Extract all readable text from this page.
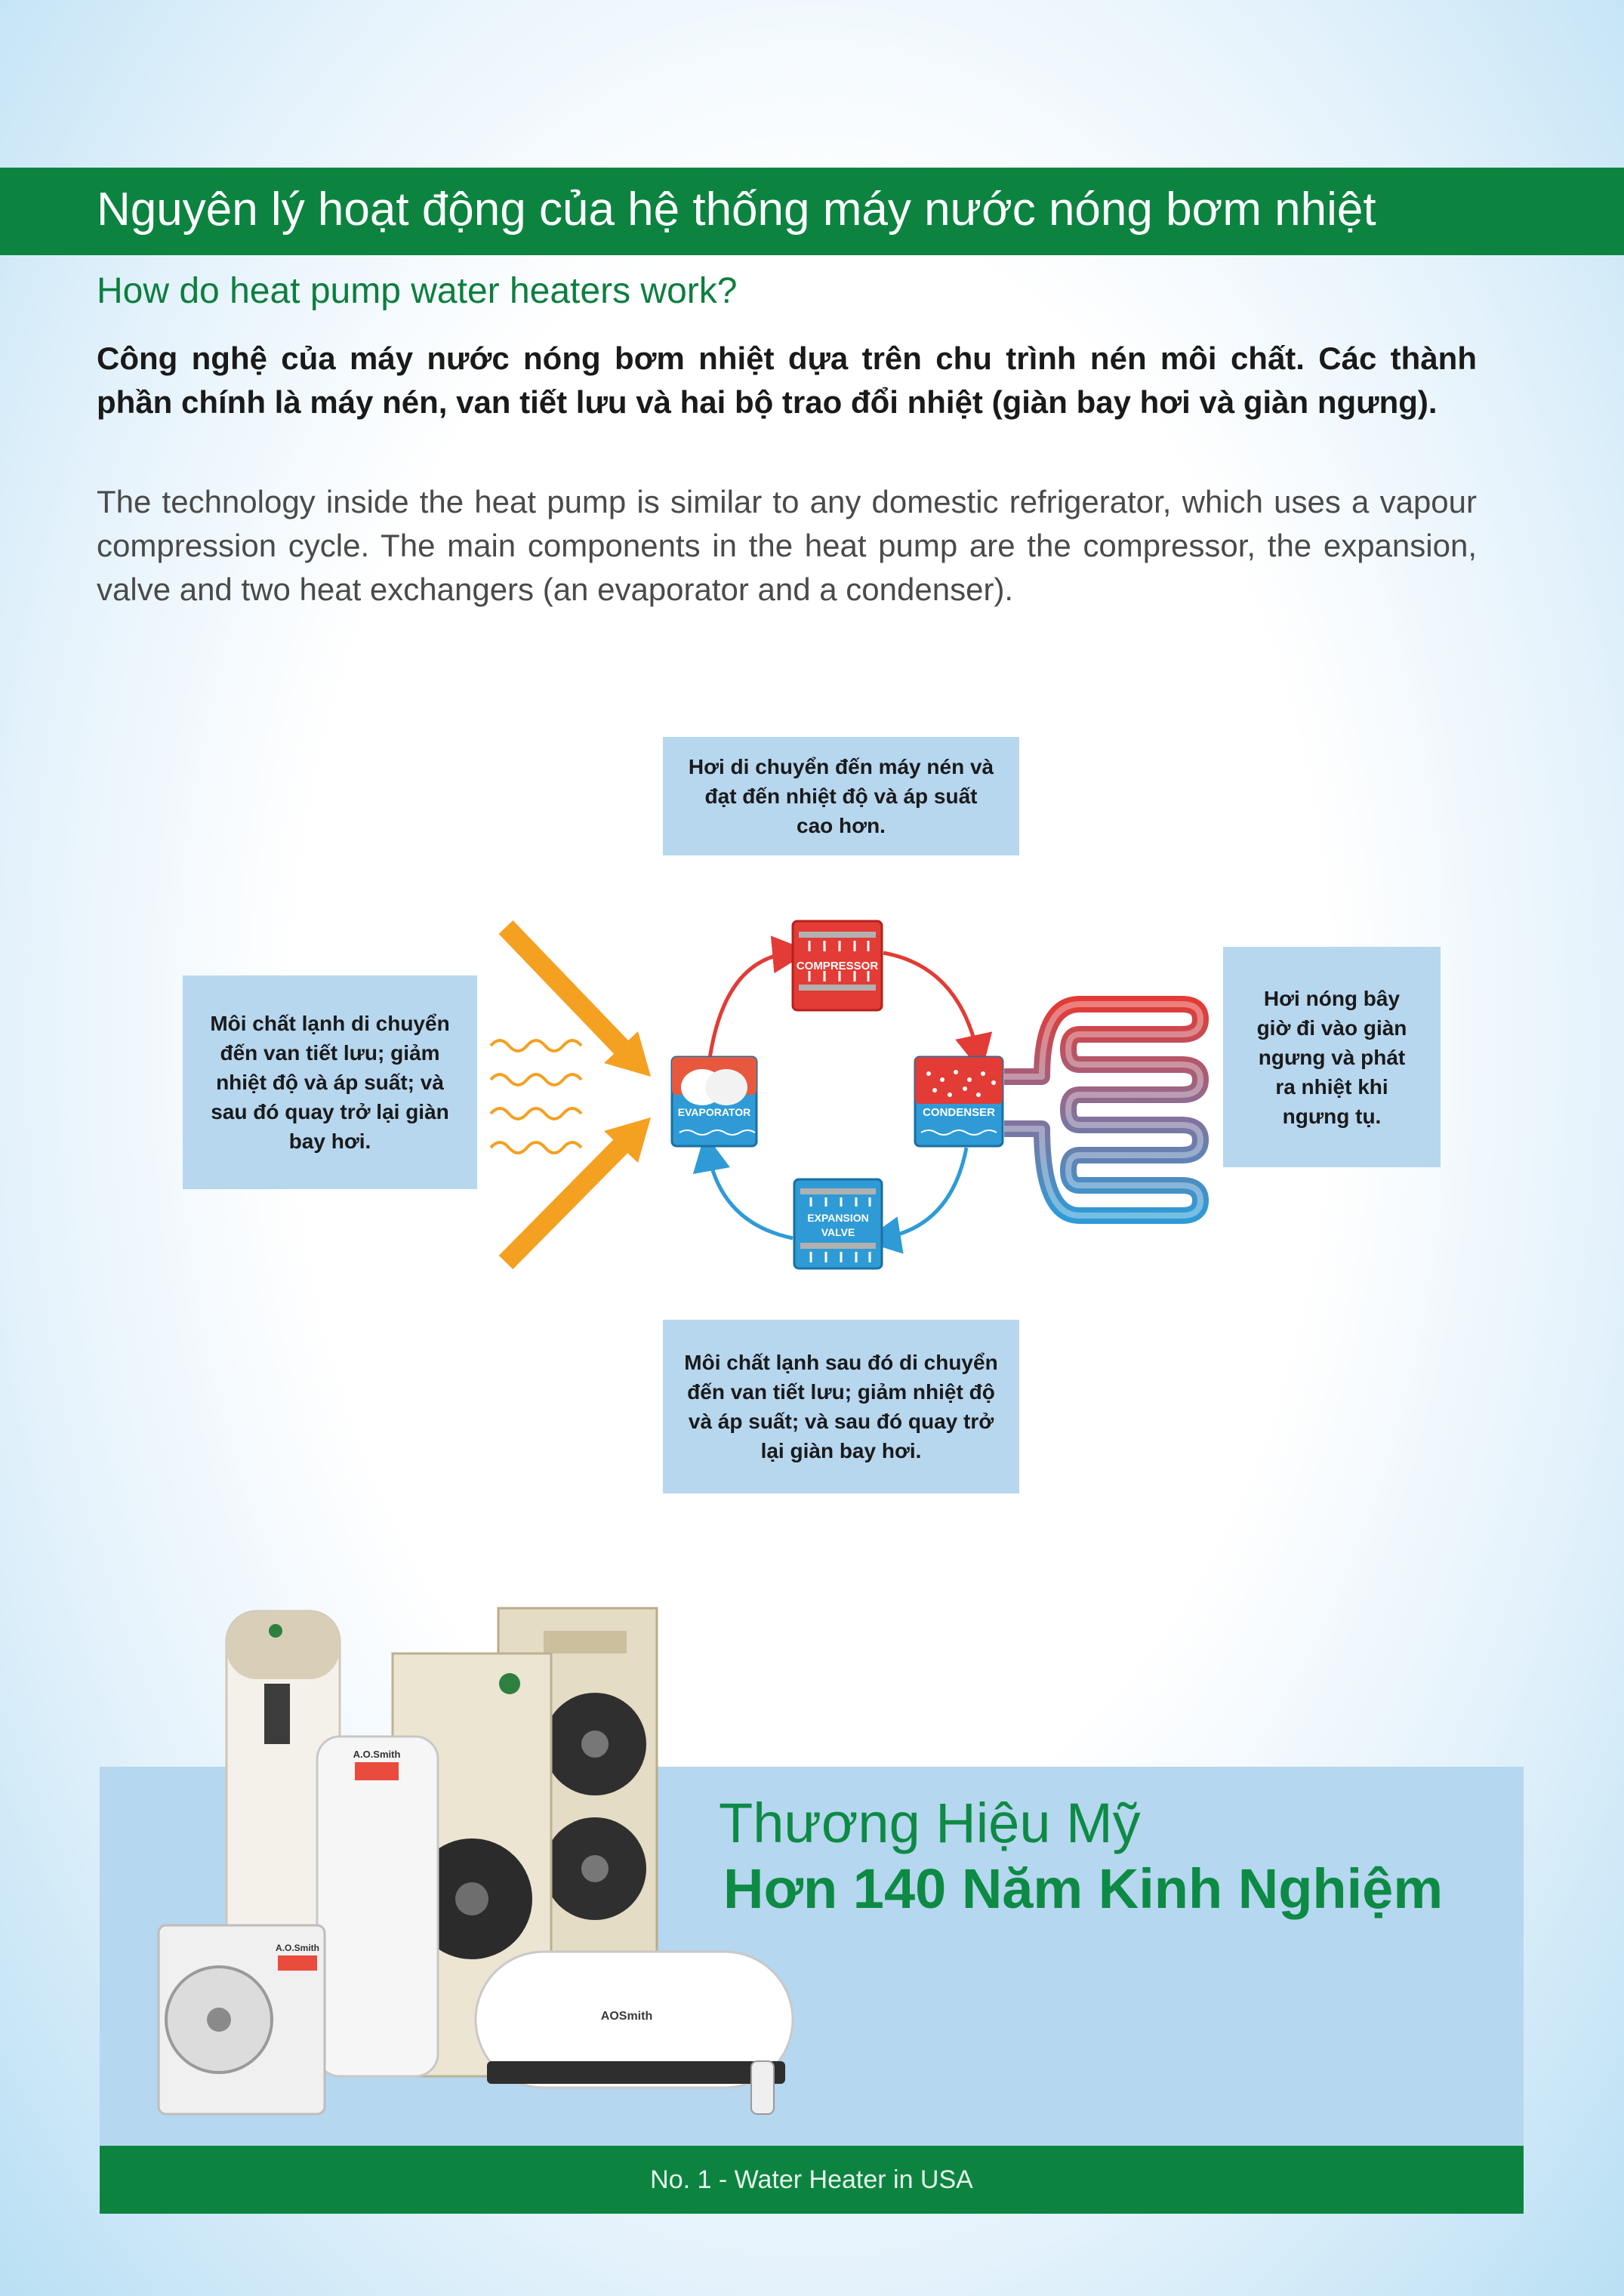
Nguyên lý hoạt động của hệ thống máy nước nóng bơm nhiệt
How do heat pump water heaters work?
Công nghệ của máy nước nóng bơm nhiệt dựa trên chu trình nén môi chất. Các thành phần chính là máy nén, van tiết lưu và hai bộ trao đổi nhiệt (giàn bay hơi và giàn ngưng).
The technology inside the heat pump is similar to any domestic refrigerator, which uses a vapour compression cycle. The main components in the heat pump are the compressor, the expansion, valve and two heat exchangers (an evaporator and a condenser).
Hơi di chuyển đến máy nén và đạt đến nhiệt độ và áp suất cao hơn.
Môi chất lạnh di chuyển đến van tiết lưu; giảm nhiệt độ và áp suất; và sau đó quay trở lại giàn bay hơi.
Hơi nóng bây giờ đi vào giàn ngưng và phát ra nhiệt khi ngưng tụ.
Môi chất lạnh sau đó di chuyển đến van tiết lưu; giảm nhiệt độ và áp suất; và sau đó quay trở lại giàn bay hơi.
COMPRESSOR
EVAPORATOR	CONDENSER
EXPANSION
VALVE
A.O.Smith
A.O.Smith
AOSmith
Thương Hiệu Mỹ
Hơn 140 Năm Kinh Nghiệm
No. 1 - Water Heater in USA
